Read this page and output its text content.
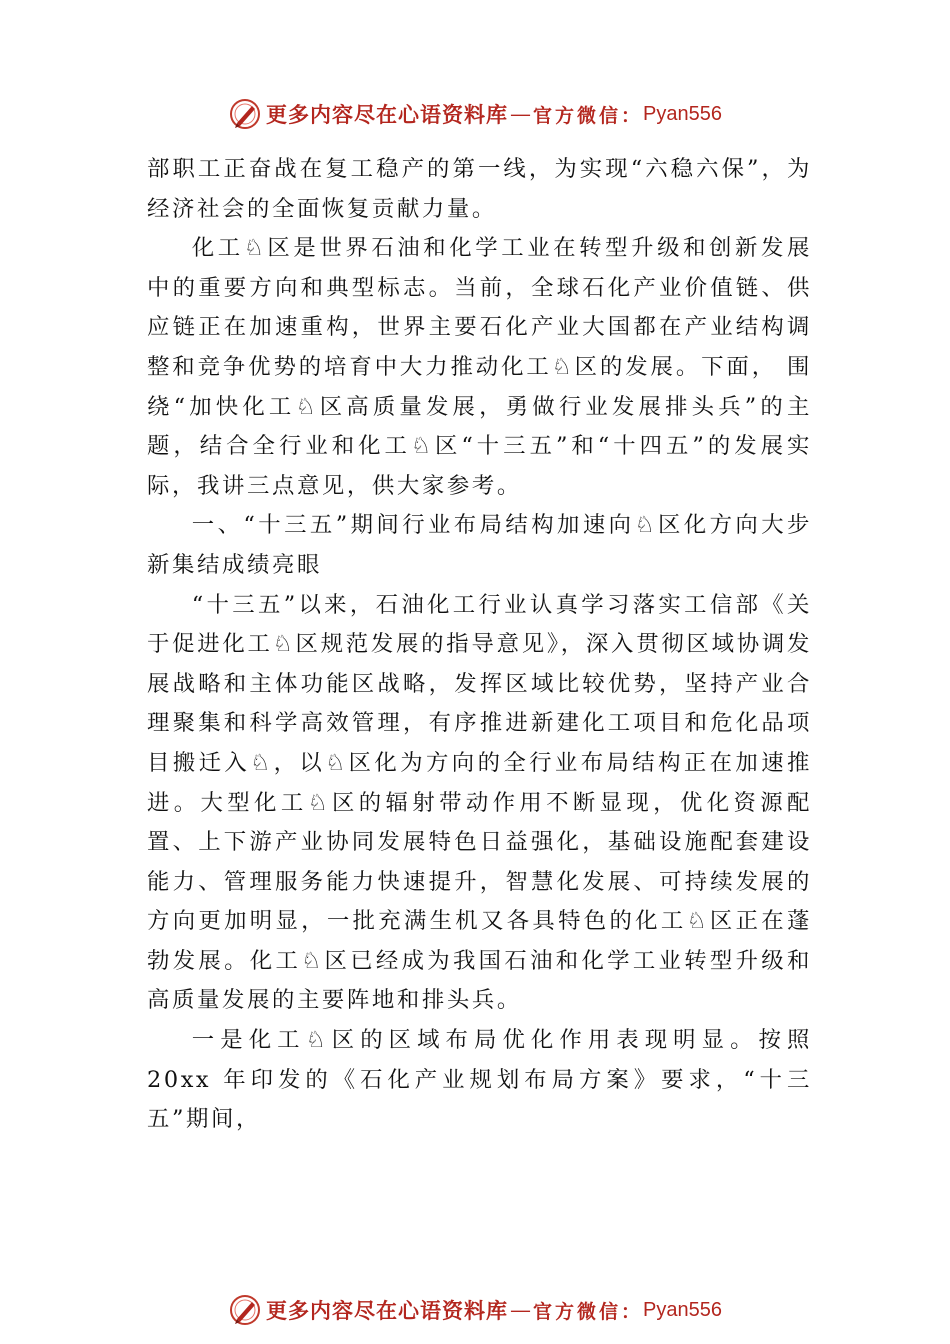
更多内容尽在心语资料库 — 官方微信： Pyan556

部职工正奋战在复工稳产的第一线，为实现“六稳六保”，为经济社会的全面恢复贡献力量。

化工♘区是世界石油和化学工业在转型升级和创新发展中的重要方向和典型标志。当前，全球石化产业价值链、供应链正在加速重构，世界主要石化产业大国都在产业结构调整和竞争优势的培育中大力推动化工♘区的发展。下面， 围绕“加快化工♘区高质量发展，勇做行业发展排头兵”的主题，结合全行业和化工♘区“十三五”和“十四五”的发展实际，我讲三点意见，供大家参考。

一、“十三五”期间行业布局结构加速向♘区化方向大步新集结成绩亮眼

“十三五”以来，石油化工行业认真学习落实工信部《关于促进化工♘区规范发展的指导意见》，深入贯彻区域协调发展战略和主体功能区战略，发挥区域比较优势，坚持产业合理聚集和科学高效管理，有序推进新建化工项目和危化品项目搬迁入♘，以♘区化为方向的全行业布局结构正在加速推进。大型化工♘区的辐射带动作用不断显现，优化资源配置、上下游产业协同发展特色日益强化，基础设施配套建设能力、管理服务能力快速提升，智慧化发展、可持续发展的方向更加明显，一批充满生机又各具特色的化工♘区正在蓬勃发展。化工♘区已经成为我国石油和化学工业转型升级和高质量发展的主要阵地和排头兵。

一是化工♘区的区域布局优化作用表现明显。按照 20xx 年印发的《石化产业规划布局方案》要求，“十三五”期间，

更多内容尽在心语资料库 — 官方微信： Pyan556
